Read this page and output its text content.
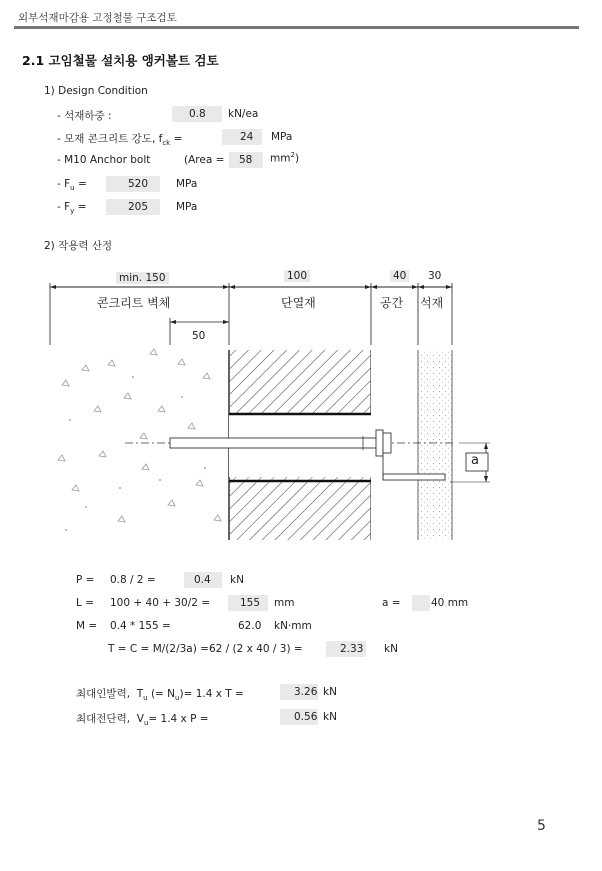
외부석재마감용 고정철물 구조검토
2.1 고임철물 설치용 앵커볼트 검토
1) Design Condition
- 석재하중 :	0.8 kN/ea
- 모재 콘크리트 강도, $f_{ck}$ =	24 MPa
- M10 Anchor bolt	(Area = 58 $mm^2$)
- $F_u$ =	520	MPa
- $F_y$ =	205	MPa
2) 작용력 산정
min. 150	100	40 30
50
콘크리트 벽체	단열재	공간 석재
a
P = 0.8 / 2 =	0.4 kN
L = 100 + 40 + 30/2 =	155 mm	a =	40 mm
M = 0.4 * 155 =	62.0 kN·mm
T = C = M/(2/3a) =62 / (2 x 40 / 3) =	2.33 kN
최대인발력, $T_u$ (= $N_u)= 1.4$ x T =	3.26 kN
최대전단력, $V_u= 1.4$ x P =	0.56 kN
5
